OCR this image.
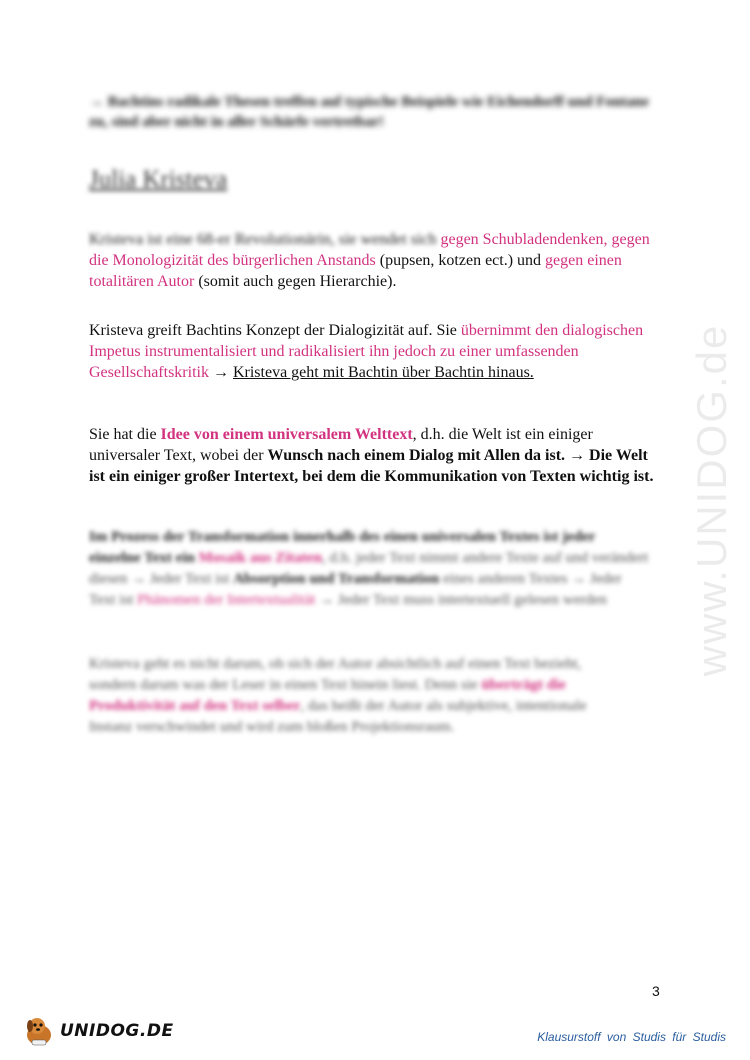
www.UNIDOG.de

→ Bachtins radikale Thesen treffen auf typische Beispiele wie Eichendorff und Fontane zu, sind aber nicht in aller Schärfe vertretbar!

Julia Kristeva

Kristeva ist eine 68-er Revolutionärin, sie wendet sich gegen Schubladendenken, gegen die Monologizität des bürgerlichen Anstands (pupsen, kotzen ect.) und gegen einen totalitären Autor (somit auch gegen Hierarchie).

Kristeva greift Bachtins Konzept der Dialogizität auf. Sie übernimmt den dialogischen Impetus instrumentalisiert und radikalisiert ihn jedoch zu einer umfassenden Gesellschaftskritik → Kristeva geht mit Bachtin über Bachtin hinaus.

Sie hat die Idee von einem universalem Welttext, d.h. die Welt ist ein einiger universaler Text, wobei der Wunsch nach einem Dialog mit Allen da ist. → Die Welt ist ein einiger großer Intertext, bei dem die Kommunikation von Texten wichtig ist.

Im Prozess der Transformation innerhalb des einen universalen Textes ist jeder einzelne Text ein Mosaik aus Zitaten, d.h. jeder Text nimmt andere Texte auf und verändert diesen → Jeder Text ist Absorption und Transformation eines anderen Textes → Jeder Text ist Phänomen der Intertextualität → Jeder Text muss intertextuell gelesen werden

Kristeva geht es nicht darum, ob sich der Autor absichtlich auf einen Text bezieht, sondern darum was der Leser in einen Text hinein liest. Denn sie überträgt die Produktivität auf den Text selber, das heißt der Autor als subjektive, intentionale Instanz verschwindet und wird zum bloßen Projektionsraum.

3
UNIDOG.DE	Klausurstoff von Studis für Studis
